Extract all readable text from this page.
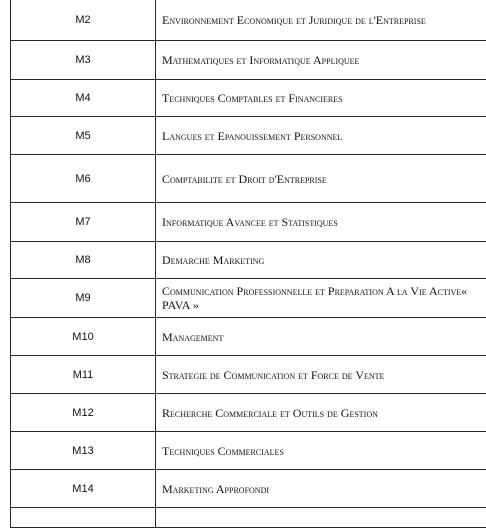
M2	Environnement Economique et Juridique de l'Entreprise
M3	Mathematiques et Informatique Appliquee
M4	Techniques Comptables et Financieres
M5	Langues et Epanouissement Personnel
M6	Comptabilite et Droit d'Entreprise
M7	Informatique Avancee et Statistiques
M8	Demarche Marketing
M9	Communication Professionnelle et Preparation A la Vie Active« PAVA »
M10	Management
M11	Strategie de Communication et Force de Vente
M12	Recherche Commerciale et Outils de Gestion
M13	Techniques Commerciales
M14	Marketing Approfondi
